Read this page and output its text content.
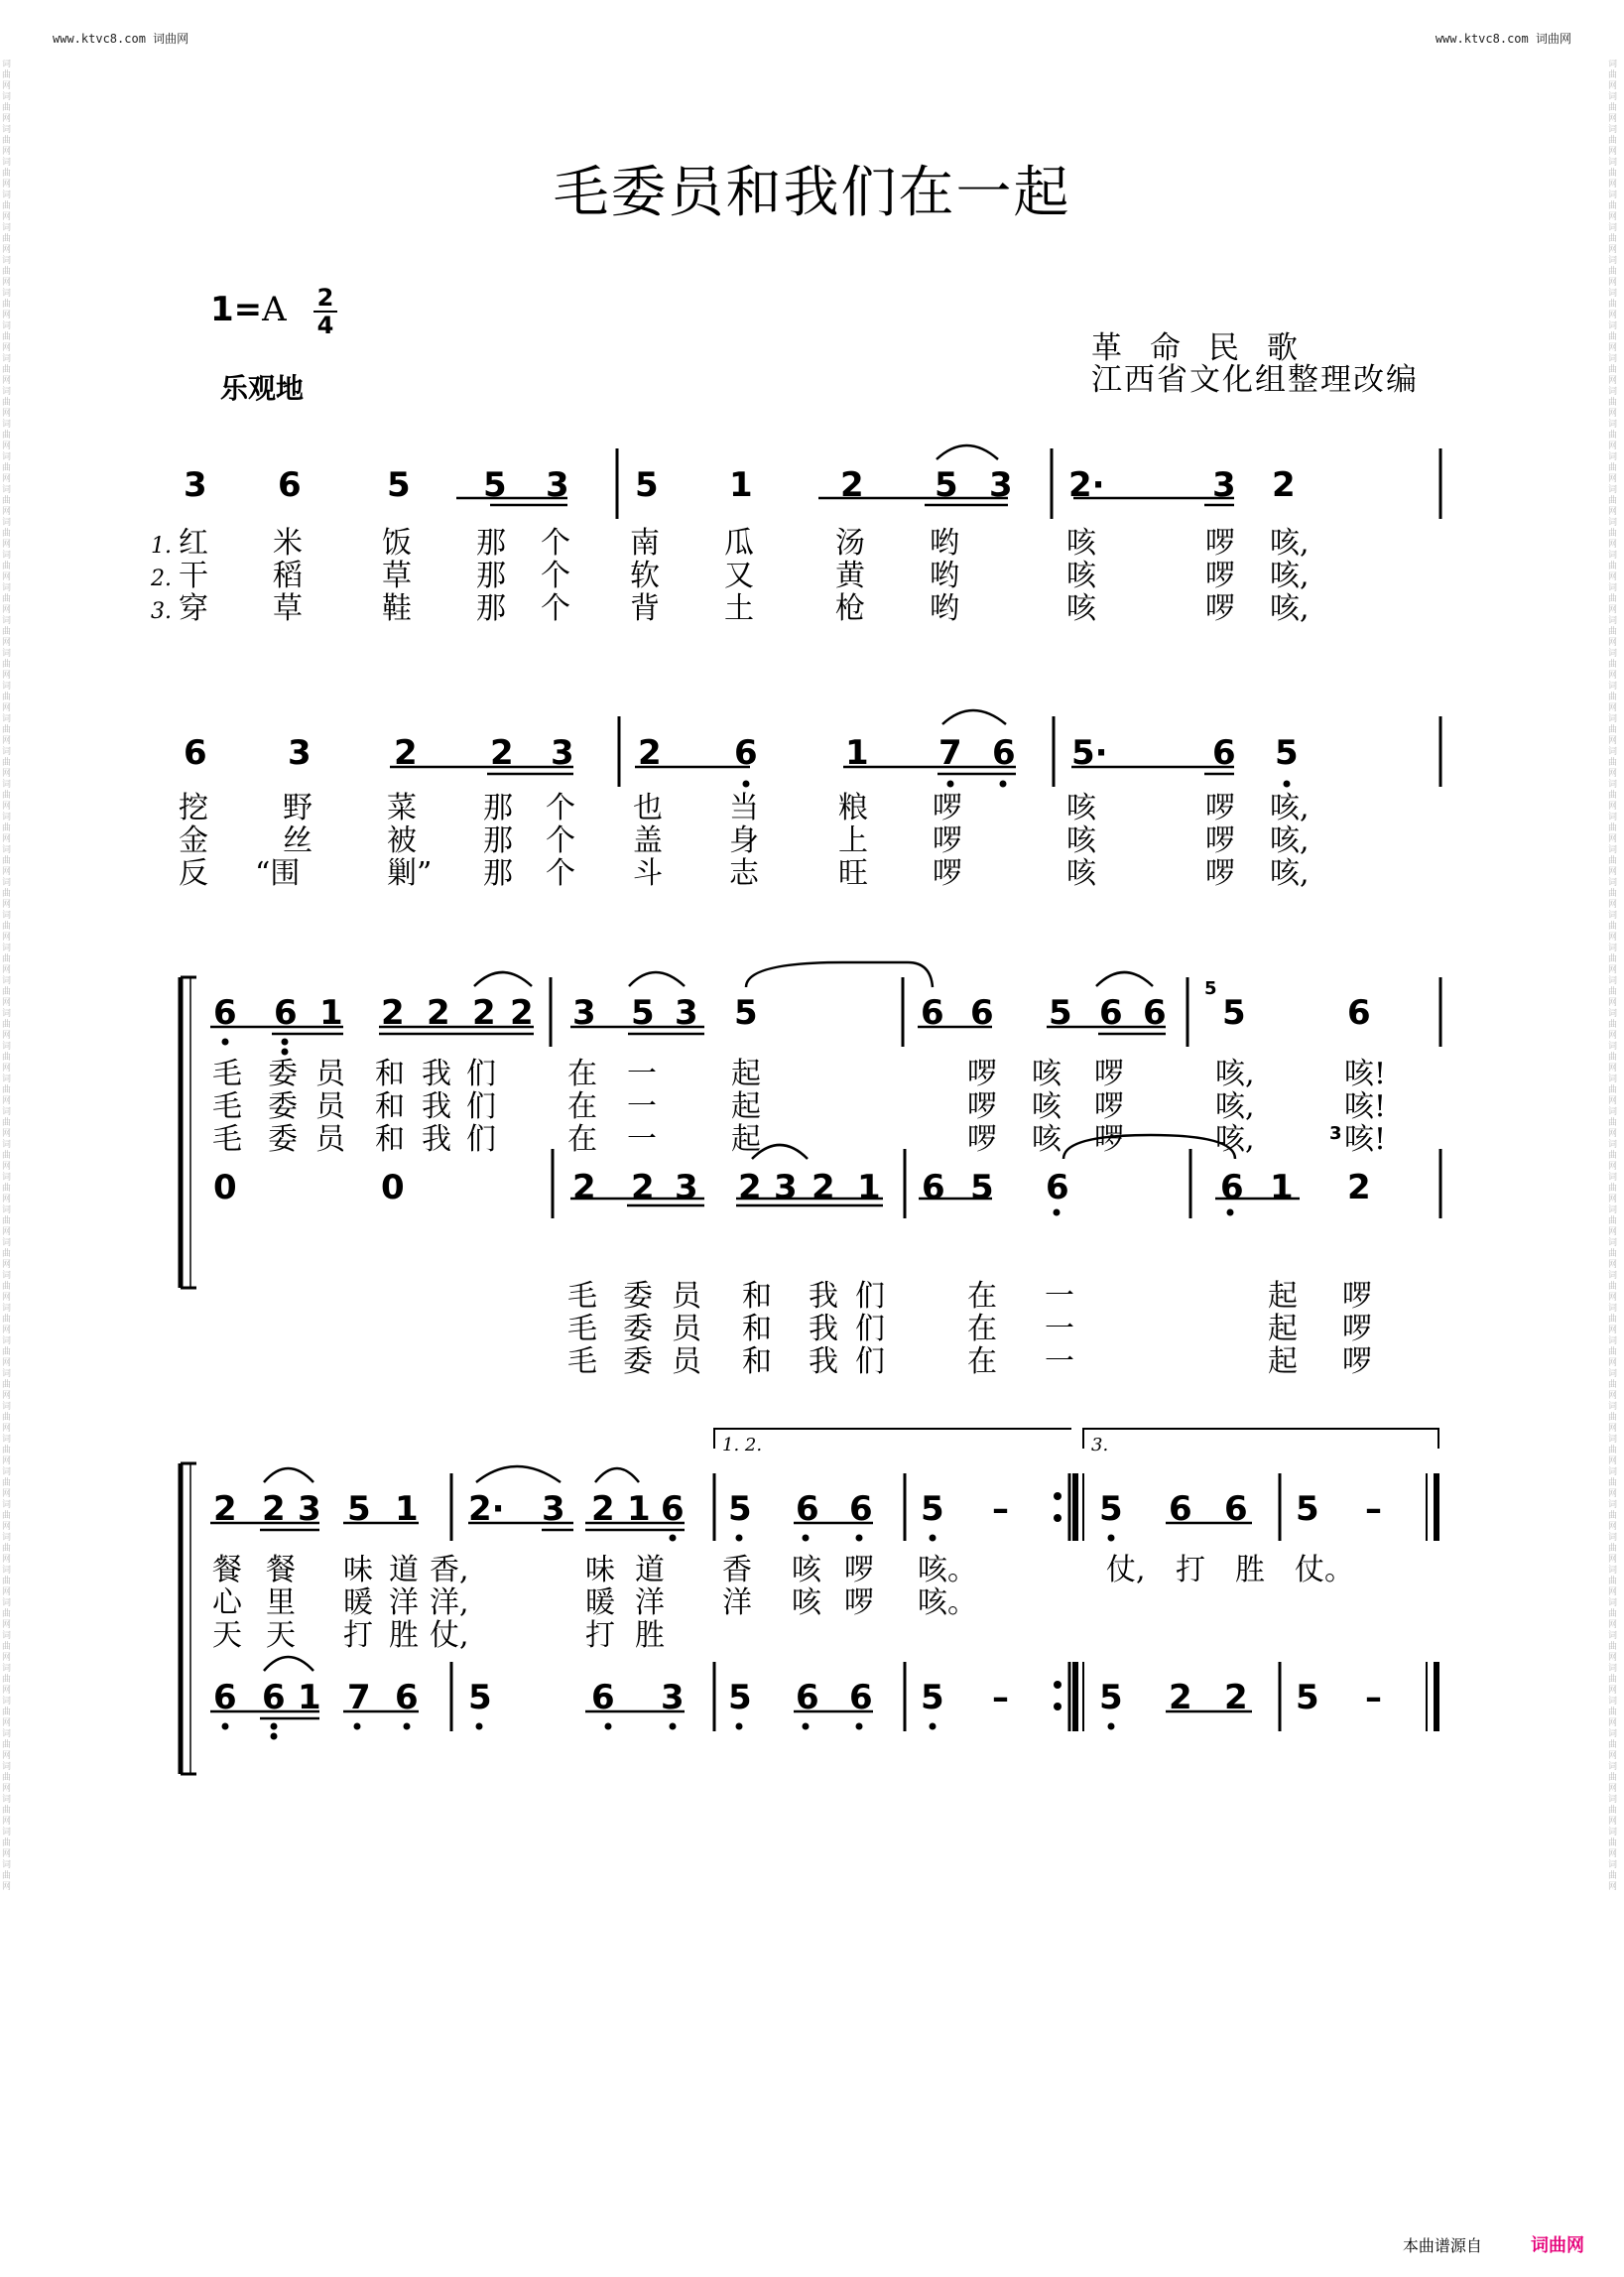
www.ktvc8.com 词曲网	www.ktvc8.com 词曲网
词曲网词曲网词曲网词曲网词曲网词曲网词曲网词曲网词曲网词曲网词曲网词曲网词曲网词曲网词曲网词曲网词曲网词曲网词曲网词曲网词曲网词曲网词曲网词曲网词曲网词曲网词曲网词曲网词曲网词曲网词曲网词曲网词曲网词曲网词曲网词曲网词曲网词曲网词曲网词曲网词曲网词曲网词曲网词曲网词曲网词曲网词曲网词曲网词曲网词曲网词曲网词曲网词曲网词曲网词曲网词曲网
词曲网词曲网词曲网词曲网词曲网词曲网词曲网词曲网词曲网词曲网词曲网词曲网词曲网词曲网词曲网词曲网词曲网词曲网词曲网词曲网词曲网词曲网词曲网词曲网词曲网词曲网词曲网词曲网词曲网词曲网词曲网词曲网词曲网词曲网词曲网词曲网词曲网词曲网词曲网词曲网词曲网词曲网词曲网词曲网词曲网词曲网词曲网词曲网词曲网词曲网词曲网词曲网词曲网词曲网词曲网词曲网
毛委员和我们在一起
1=A 2
4
乐观地
革命民歌
江西省文化组整理改编
3 6	5 5 3 5 1	2 5 3 2·	3 2
1. 红 米	饭 那 个 南 瓜	汤 哟	咳	啰 咳,
2. 干 稻	草 那 个 软 又	黄 哟	咳	啰 咳,
3. 穿 草	鞋 那 个 背 土	枪 哟	咳	啰 咳,
6 3 2 2 3 2 6	1 7 6 5·	6 5
挖	野	菜 那 个 也 当	粮 啰	咳	啰 咳,
金	丝	被 那 个 盖 身	上 啰	咳	啰 咳,
反 “围	剿” 那 个 斗 志	旺 啰	咳	啰 咳,
6 6 1 2 2 2 2 3 5 3 5	6 6 5 6 6 5	6
5
毛 委 员 和 我 们 在 一	起	啰 咳 啰	咳,	咳!
毛 委 员 和 我 们 在 一	起	啰 咳 啰	咳,	咳!
毛 委 员 和 我 们 在 一	起	啰 咳 啰	咳,	咳!
0	0	2 2 3 2 3 2 1 6 5 6	6 1 2
3
毛 委 员 和 我 们	在 一	起 啰
毛 委 员 和 我 们	在 一	起 啰
毛 委 员 和 我 们	在 一	起 啰
1. 2.	3.
2 2 3 5 1 2· 3 2 1 6 5 6 6 5 –	5 6 6 5 –
餐 餐 味 道 香,	味 道 香 咳 啰 咳。	仗, 打 胜 仗。
心 里 暖 洋 洋,	暖 洋 洋 咳 啰 咳。
天 天 打 胜 仗,	打 胜
6 6 1 7 6 5	6 3 5 6 6 5 –	5 2 2 5 –
本曲谱源自	词曲网
